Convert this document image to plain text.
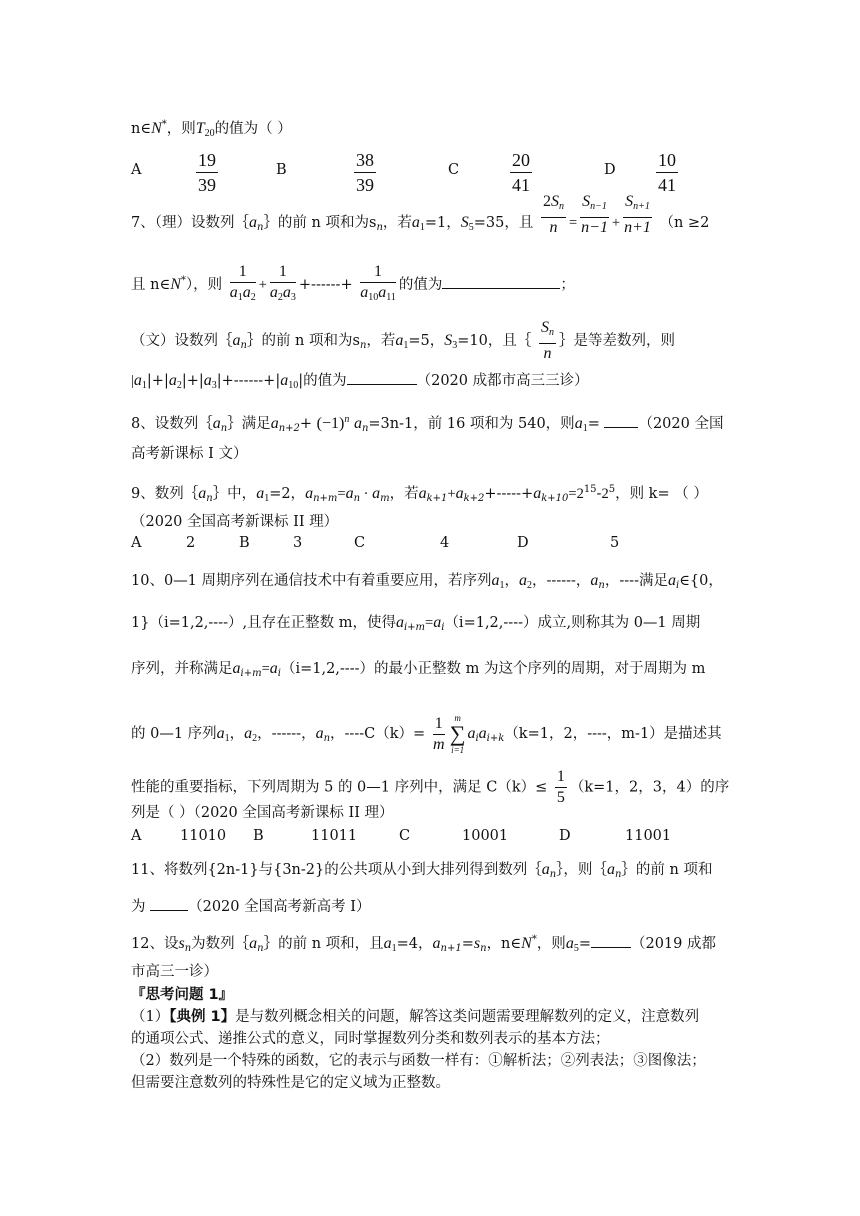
n∈N*，则$T_{20}$的值为（ ）
A	$\frac{19}{39}$	B	$\frac{38}{39}$	C	$\frac{20}{41}$	D $\frac{10}{41}$
7、（理）设数列$\{a_n\}$的前 n 项和为$s_n$，若$a_1=1$，$S_5=35$，且 $\frac{2S_n}{n} = \frac{S_{n-1}}{n-1} + \frac{S_{n+1}}{n+1} (n \ge 2$
且 n∈N*），则 $\frac{1}{a_1a_2} + \frac{1}{a_2a_3}$ +------+ $\frac{1}{a_{10}a_{11}}$ 的值为	；
（文）设数列$\{a_n\}$的前 n 项和为$s_n$，若$a_1=5$，$S_3=10$，且｛ $\frac{S_n}{n}$ ｝是等差数列，则
$|a_1|+|a_2|+|a_3|+------+|a_{10}|$的值为	（2020 成都市高三三诊）
8、设数列$\{a_n\}$满足$a_{n+2}+ (-1)^n$ $a_n=3n-1$，前 16 项和为 540，则$a_1=$	（2020 全国
高考新课标 I 文）
9、数列$\{a_n\}$中，$a_1=2$，$a_{n+m}=a_n \cdot a_m$，若$a_{k+1}+a_{k+2}+-----+a_{k+10}=2^{15}-2^5$，则 k= （ ）
（2020 全国高考新课标 II 理）
A	2	B	3	C	4	D	5
10、0—1 周期序列在通信技术中有着重要应用，若序列$a_1$，$a_2$，------，$a_n$，----满足$a_i\in\{0$，
1}（i=1,2,----）,且存在正整数 m，使得$a_{i+m}=a_i(i=1,2,----)$成立,则称其为 0—1 周期
序列，并称满足$a_{i+m}=a_i(i=1,2,----)$的最小正整数 m 为这个序列的周期，对于周期为 m
的 0—1 序列$a_1$，$a_2$，------，$a_n$，$----C(k)= \frac{1}{m}$	m
∑
i=1
$a_ia_{i+k}(k=1$，2，----，m-1）是描述其
性能的重要指标，下列周期为 5 的 0—1 序列中，满足 $C(k)\le \frac{1}{5} (k=1$，2，3，4）的序
列是（ ）（2020 全国高考新课标 II 理）
A	11010 B	11011	C	10001	D	11001
11、将数列{2n-1}与{3n-2}的公共项从小到大排列得到数列$\{a_n\}$，则$\{a_n\}$的前 n 项和
为	（2020 全国高考新高考 I）
12、设$s_n$为数列$\{a_n\}$的前 n 项和，且$a_1=4$，$a_{n+1}=s_n$，n∈N*，则$a_5=$	（2019 成都
市高三一诊）
『思考问题 1』
（1）【典例 1】是与数列概念相关的问题，解答这类问题需要理解数列的定义，注意数列
的通项公式、递推公式的意义，同时掌握数列分类和数列表示的基本方法；
（2）数列是一个特殊的函数，它的表示与函数一样有：①解析法；②列表法；③图像法；
但需要注意数列的特殊性是它的定义域为正整数。
